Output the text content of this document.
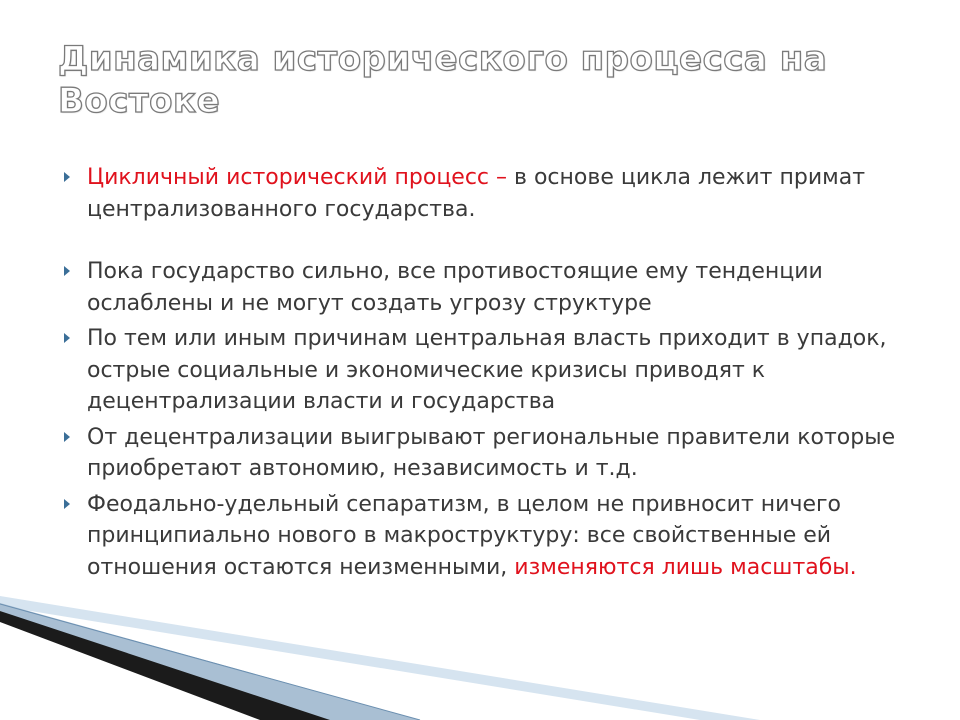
Динамика исторического процесса на Востоке
Цикличный исторический процесс – в основе цикла лежит примат централизованного государства.
Пока государство сильно, все противостоящие ему тенденции ослаблены и не могут создать угрозу структуре
По тем или иным причинам центральная власть приходит в упадок, острые социальные и экономические кризисы приводят к децентрализации власти и государства
От децентрализации выигрывают региональные правители которые приобретают автономию, независимость и т.д.
Феодально-удельный сепаратизм, в целом не привносит ничего принципиально нового в макроструктуру: все свойственные ей отношения остаются неизменными, изменяются лишь масштабы.
